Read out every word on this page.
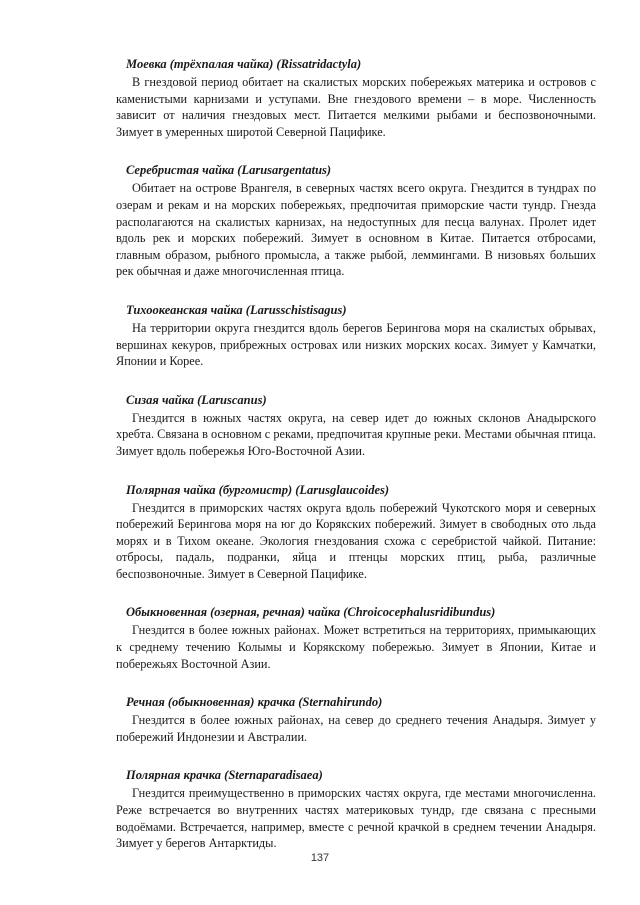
Моевка (трёхпалая чайка) (Rissatridactyla)

В гнездовой период обитает на скалистых морских побережьях материка и островов с каменистыми карнизами и уступами. Вне гнездового времени – в море. Численность зависит от наличия гнездовых мест. Питается мелкими рыбами и беспозвоночными. Зимует в умеренных широтой Северной Пацифике.

Серебристая чайка (Larusargentatus)

Обитает на острове Врангеля, в северных частях всего округа. Гнездится в тундрах по озерам и рекам и на морских побережьях, предпочитая приморские части тундр. Гнезда располагаются на скалистых карнизах, на недоступных для песца валунах. Пролет идет вдоль рек и морских побережий. Зимует в основном в Китае. Питается отбросами, главным образом, рыбного промысла, а также рыбой, леммингами. В низовьях больших рек обычная и даже многочисленная птица.

Тихоокеанская чайка (Larusschistisagus)

На территории округа гнездится вдоль берегов Берингова моря на скалистых обрывах, вершинах кекуров, прибрежных островах или низких морских косах. Зимует у Камчатки, Японии и Корее.

Сизая чайка (Laruscanus)

Гнездится в южных частях округа, на север идет до южных склонов Анадырского хребта. Связана в основном с реками, предпочитая крупные реки. Местами обычная птица. Зимует вдоль побережья Юго-Восточной Азии.

Полярная чайка (бургомистр) (Larusglaucoides)

Гнездится в приморских частях округа вдоль побережий Чукотского моря и северных побережий Берингова моря на юг до Корякских побережий. Зимует в свободных ото льда морях и в Тихом океане. Экология гнездования схожа с серебристой чайкой. Питание: отбросы, падаль, подранки, яйца и птенцы морских птиц, рыба, различные беспозвоночные. Зимует в Северной Пацифике.

Обыкновенная (озерная, речная) чайка (Chroicocephalusridibundus)

Гнездится в более южных районах. Может встретиться на территориях, примыкающих к среднему течению Колымы и Корякскому побережью. Зимует в Японии, Китае и побережьях Восточной Азии.

Речная (обыкновенная) крачка (Sternahirundo)

Гнездится в более южных районах, на север до среднего течения Анадыря. Зимует у побережий Индонезии и Австралии.

Полярная крачка (Sternaparadisaea)

Гнездится преимущественно в приморских частях округа, где местами многочисленна. Реже встречается во внутренних частях материковых тундр, где связана с пресными водоёмами. Встречается, например, вместе с речной крачкой в среднем течении Анадыря. Зимует у берегов Антарктиды.

137
